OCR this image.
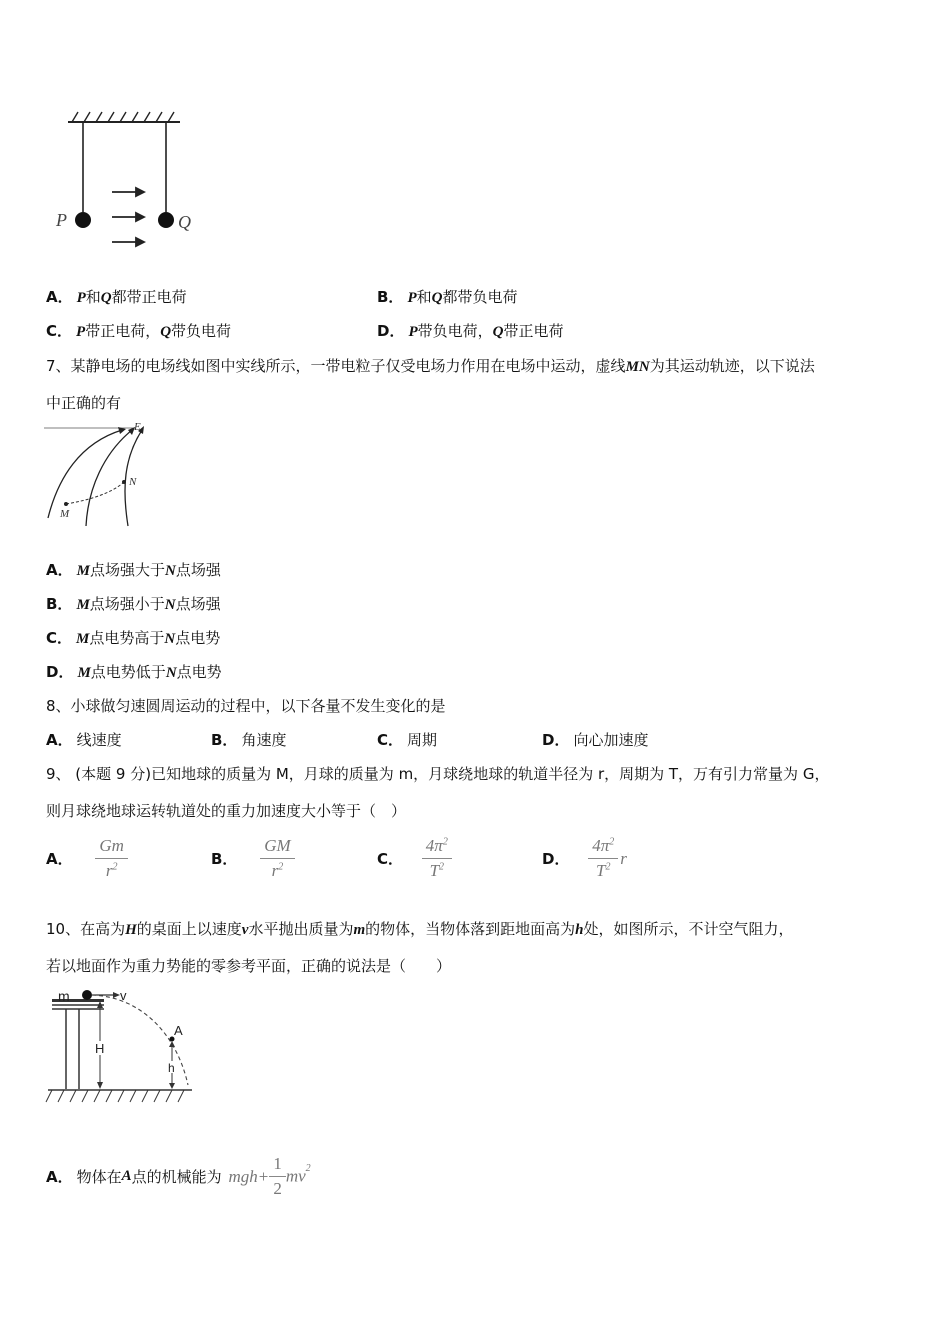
P	Q
A． P和Q都带正电荷	B． P和Q都带负电荷
C． P带正电荷，Q带负电荷	D． P带负电荷，Q带正电荷
7、某静电场的电场线如图中实线所示，一带电粒子仅受电场力作用在电场中运动，虚线MN为其运动轨迹，以下说法
中正确的有
E
N
M
A． M点场强大于N点场强
B． M点场强小于N点场强
C． M点电势高于N点电势
D． M点电势低于N点电势
8、小球做匀速圆周运动的过程中，以下各量不发生变化的是
A． 线速度	B． 角速度	C． 周期	D． 向心加速度
9、 (本题 9 分)已知地球的质量为 M，月球的质量为 m，月球绕地球的轨道半径为 r，周期为 T，万有引力常量为 G，
则月球绕地球运转轨道处的重力加速度大小等于（　）
A． $\frac{Gm}{r^2}$	B． $\frac{GM}{r^2}$	C． $\frac{4\pi^2}{T^2}$	D． $\frac{4\pi^2}{T^2}$ r
10、在高为H的桌面上以速度v水平抛出质量为m的物体，当物体落到距地面高为h处，如图所示，不计空气阻力，
若以地面作为重力势能的零参考平面，正确的说法是（　　）
m	v
A
H
h
A． 物体在A点的机械能为 $mgh+ \frac{1}{2} mv^2$
